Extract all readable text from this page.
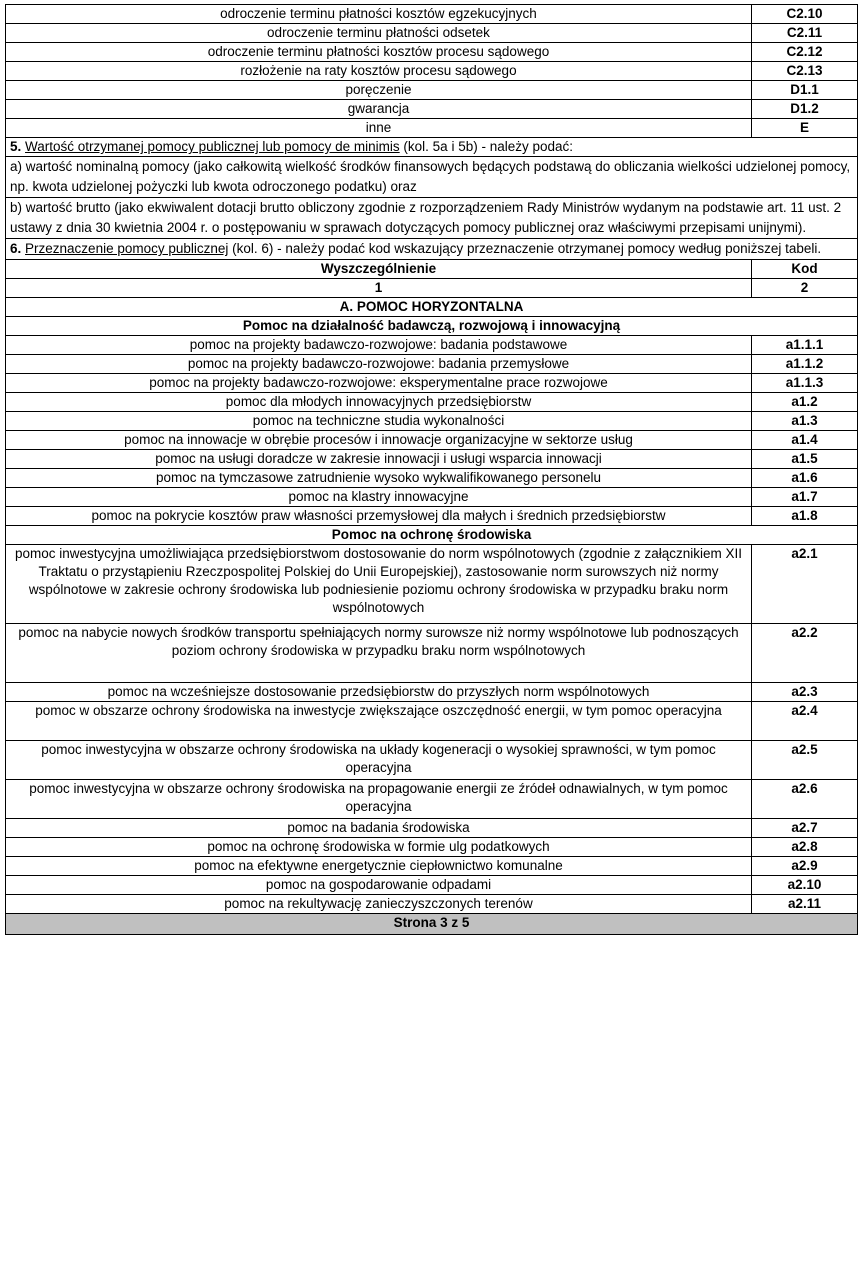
odroczenie terminu płatności kosztów egzekucyjnych	C2.10
odroczenie terminu płatności odsetek	C2.11
odroczenie terminu płatności kosztów procesu sądowego	C2.12
rozłożenie na raty kosztów procesu sądowego	C2.13
poręczenie	D1.1
gwarancja	D1.2
inne	E
5. Wartość otrzymanej pomocy publicznej lub pomocy de minimis (kol. 5a i 5b) - należy podać:	
a) wartość nominalną pomocy (jako całkowitą wielkość środków finansowych będących podstawą do obliczania wielkości udzielonej pomocy, np. kwota udzielonej pożyczki lub kwota odroczonego podatku) oraz	
b) wartość brutto (jako ekwiwalent dotacji brutto obliczony zgodnie z rozporządzeniem Rady Ministrów wydanym na podstawie art. 11 ust. 2 ustawy z dnia 30 kwietnia 2004 r. o postępowaniu w sprawach dotyczących pomocy publicznej oraz właściwymi przepisami unijnymi).	
6. Przeznaczenie pomocy publicznej (kol. 6) - należy podać kod wskazujący przeznaczenie otrzymanej pomocy według poniższej tabeli.	
Wyszczególnienie	Kod
1	2
A. POMOC HORYZONTALNA	
Pomoc na działalność badawczą, rozwojową i innowacyjną	
pomoc na projekty badawczo-rozwojowe: badania podstawowe	a1.1.1
pomoc na projekty badawczo-rozwojowe: badania przemysłowe	a1.1.2
pomoc na projekty badawczo-rozwojowe: eksperymentalne prace rozwojowe	a1.1.3
pomoc dla młodych innowacyjnych przedsiębiorstw	a1.2
pomoc na techniczne studia wykonalności	a1.3
pomoc na innowacje w obrębie procesów i innowacje organizacyjne w sektorze usług	a1.4
pomoc na usługi doradcze w zakresie innowacji i usługi wsparcia innowacji	a1.5
pomoc na tymczasowe zatrudnienie wysoko wykwalifikowanego personelu	a1.6
pomoc na klastry innowacyjne	a1.7
pomoc na pokrycie kosztów praw własności przemysłowej dla małych i średnich przedsiębiorstw	a1.8
Pomoc na ochronę środowiska	
pomoc inwestycyjna umożliwiająca przedsiębiorstwom dostosowanie do norm wspólnotowych (zgodnie z załącznikiem XII Traktatu o przystąpieniu Rzeczpospolitej Polskiej do Unii Europejskiej), zastosowanie norm surowszych niż normy wspólnotowe w zakresie ochrony środowiska lub podniesienie poziomu ochrony środowiska w przypadku braku norm wspólnotowych	a2.1
pomoc na nabycie nowych środków transportu spełniających normy surowsze niż normy wspólnotowe lub podnoszących poziom ochrony środowiska w przypadku braku norm wspólnotowych	a2.2
pomoc na wcześniejsze dostosowanie przedsiębiorstw do przyszłych norm wspólnotowych	a2.3
pomoc w obszarze ochrony środowiska na inwestycje zwiększające oszczędność energii, w tym pomoc operacyjna	a2.4
pomoc inwestycyjna w obszarze ochrony środowiska na układy kogeneracji o wysokiej sprawności, w tym pomoc operacyjna	a2.5
pomoc inwestycyjna w obszarze ochrony środowiska na propagowanie energii ze źródeł odnawialnych, w tym pomoc operacyjna	a2.6
pomoc na badania środowiska	a2.7
pomoc na ochronę środowiska w formie ulg podatkowych	a2.8
pomoc na efektywne energetycznie ciepłownictwo komunalne	a2.9
pomoc na gospodarowanie odpadami	a2.10
pomoc na rekultywację zanieczyszczonych terenów	a2.11
Strona 3 z 5	
